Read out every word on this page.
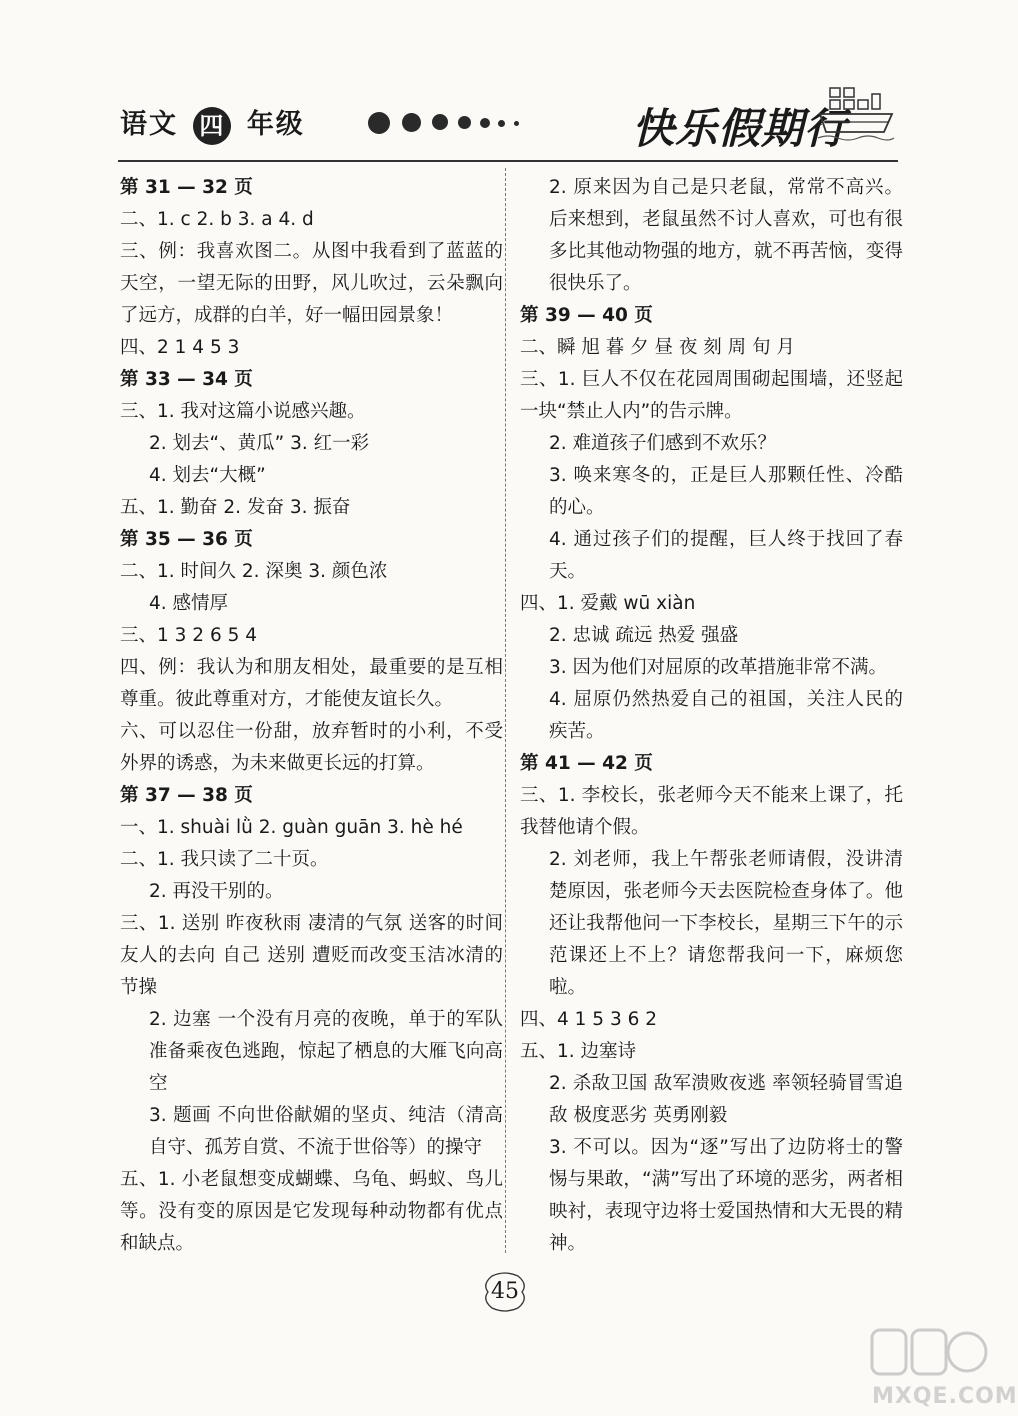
语文 四 年级	快乐假期行

第 31 — 32 页

二、1. c 2. b 3. a 4. d

三、例：我喜欢图二。从图中我看到了蓝蓝的天空，一望无际的田野，风儿吹过，云朵飘向了远方，成群的白羊，好一幅田园景象！

四、2 1 4 5 3

第 33 — 34 页

三、1. 我对这篇小说感兴趣。

2. 划去“、黄瓜” 3. 红一彩

4. 划去“大概”

五、1. 勤奋 2. 发奋 3. 振奋

第 35 — 36 页

二、1. 时间久 2. 深奥 3. 颜色浓

4. 感情厚

三、1 3 2 6 5 4

四、例：我认为和朋友相处，最重要的是互相尊重。彼此尊重对方，才能使友谊长久。

六、可以忍住一份甜，放弃暂时的小利，不受外界的诱惑，为未来做更长远的打算。

第 37 — 38 页

一、1. shuài lǜ 2. guàn guān 3. hè hé

二、1. 我只读了二十页。

2. 再没干别的。

三、1. 送别 昨夜秋雨 凄清的气氛 送客的时间 友人的去向 自己 送别 遭贬而改变玉洁冰清的节操

2. 边塞 一个没有月亮的夜晚，单于的军队准备乘夜色逃跑，惊起了栖息的大雁飞向高空

3. 题画 不向世俗献媚的坚贞、纯洁（清高自守、孤芳自赏、不流于世俗等）的操守

五、1. 小老鼠想变成蝴蝶、乌龟、蚂蚁、鸟儿等。没有变的原因是它发现每种动物都有优点和缺点。

2. 原来因为自己是只老鼠，常常不高兴。后来想到，老鼠虽然不讨人喜欢，可也有很多比其他动物强的地方，就不再苦恼，变得很快乐了。

第 39 — 40 页

二、瞬 旭 暮 夕 昼 夜 刻 周 旬 月

三、1. 巨人不仅在花园周围砌起围墙，还竖起一块“禁止人内”的告示牌。

2. 难道孩子们感到不欢乐？

3. 唤来寒冬的，正是巨人那颗任性、冷酷的心。

4. 通过孩子们的提醒，巨人终于找回了春天。

四、1. 爱戴 wū xiàn

2. 忠诚 疏远 热爱 强盛

3. 因为他们对屈原的改革措施非常不满。

4. 屈原仍然热爱自己的祖国，关注人民的疾苦。

第 41 — 42 页

三、1. 李校长，张老师今天不能来上课了，托我替他请个假。

2. 刘老师，我上午帮张老师请假，没讲清楚原因，张老师今天去医院检查身体了。他还让我帮他问一下李校长，星期三下午的示范课还上不上？请您帮我问一下，麻烦您啦。

四、4 1 5 3 6 2

五、1. 边塞诗

2. 杀敌卫国 敌军溃败夜逃 率领轻骑冒雪追敌 极度恶劣 英勇刚毅

3. 不可以。因为“逐”写出了边防将士的警惕与果敢，“满”写出了环境的恶劣，两者相映衬，表现守边将士爱国热情和大无畏的精神。

45
MXQE.COM
